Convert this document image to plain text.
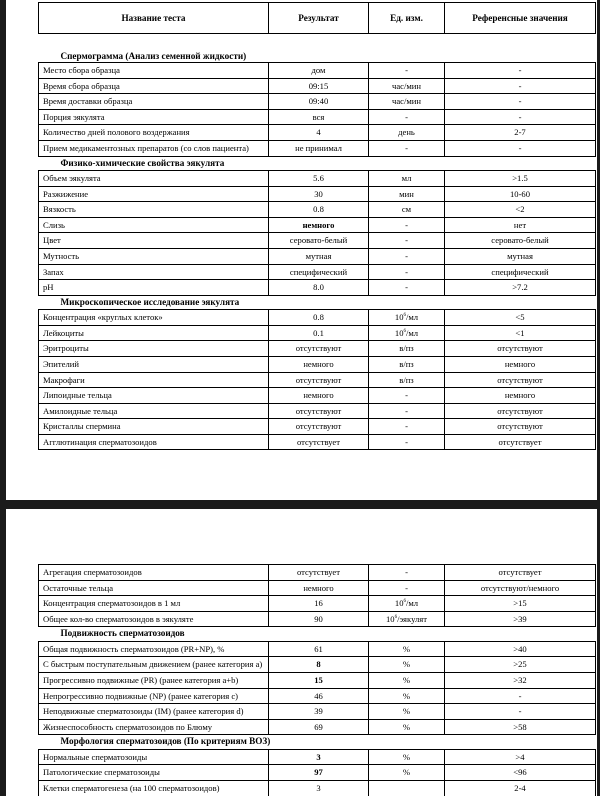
Название теста	Результат	Ед. изм.	Референсные значения
Спермограмма (Анализ семенной жидкости)			
Место сбора образца	дом	-	-
Время сбора образца	09:15	час/мин	-
Время доставки образца	09:40	час/мин	-
Порция эякулята	вся	-	-
Количество дней полового воздержания	4	день	2-7
Прием медикаментозных препаратов (со слов пациента)	не принимал	-	-
Физико-химические свойства эякулята			
Объем эякулята	5.6	мл	>1.5
Разжижение	30	мин	10-60
Вязкость	0.8	см	<2
Слизь	немного	-	нет
Цвет	серовато-белый	-	серовато-белый
Мутность	мутная	-	мутная
Запах	специфический	-	специфический
pH	8.0	-	>7.2
Микроскопическое исследование эякулята			
Концентрация «круглых клеток»	0.8	$10^6/мл$	<5
Лейкоциты	0.1	$10^6/мл$	<1
Эритроциты	отсутствуют	в/пз	отсутствуют
Эпителий	немного	в/пз	немного
Макрофаги	отсутствуют	в/пз	отсутствуют
Липоидные тельца	немного	-	немного
Амилоидные тельца	отсутствуют	-	отсутствуют
Кристаллы спермина	отсутствуют	-	отсутствуют
Агглютинация сперматозоидов	отсутствует	-	отсутствует
Агрегация сперматозоидов	отсутствует	-	отсутствует
Остаточные тельца	немного	-	отсутствуют/немного
Концентрация сперматозоидов в 1 мл	16	$10^6/мл$	>15
Общее кол-во сперматозоидов в эякуляте	90	$10^6$/эякулят	>39
Подвижность сперматозоидов			
Общая подвижность сперматозоидов (PR+NP), %	61	%	>40
С быстрым поступательным движением (ранее категория a)	8	%	>25
Прогрессивно подвижные (PR) (ранее категория a+b)	15	%	>32
Непрогрессивно подвижные (NP) (ранее категория c)	46	%	-
Неподвижные сперматозоиды (IM) (ранее категория d)	39	%	-
Жизнеспособность сперматозоидов по Блюму	69	%	>58
Морфология сперматозоидов (По критериям ВОЗ)			
Нормальные сперматозоиды	3	%	>4
Патологические сперматозоиды	97	%	<96
Клетки сперматогенеза (на 100 сперматозоидов)	3		2-4
